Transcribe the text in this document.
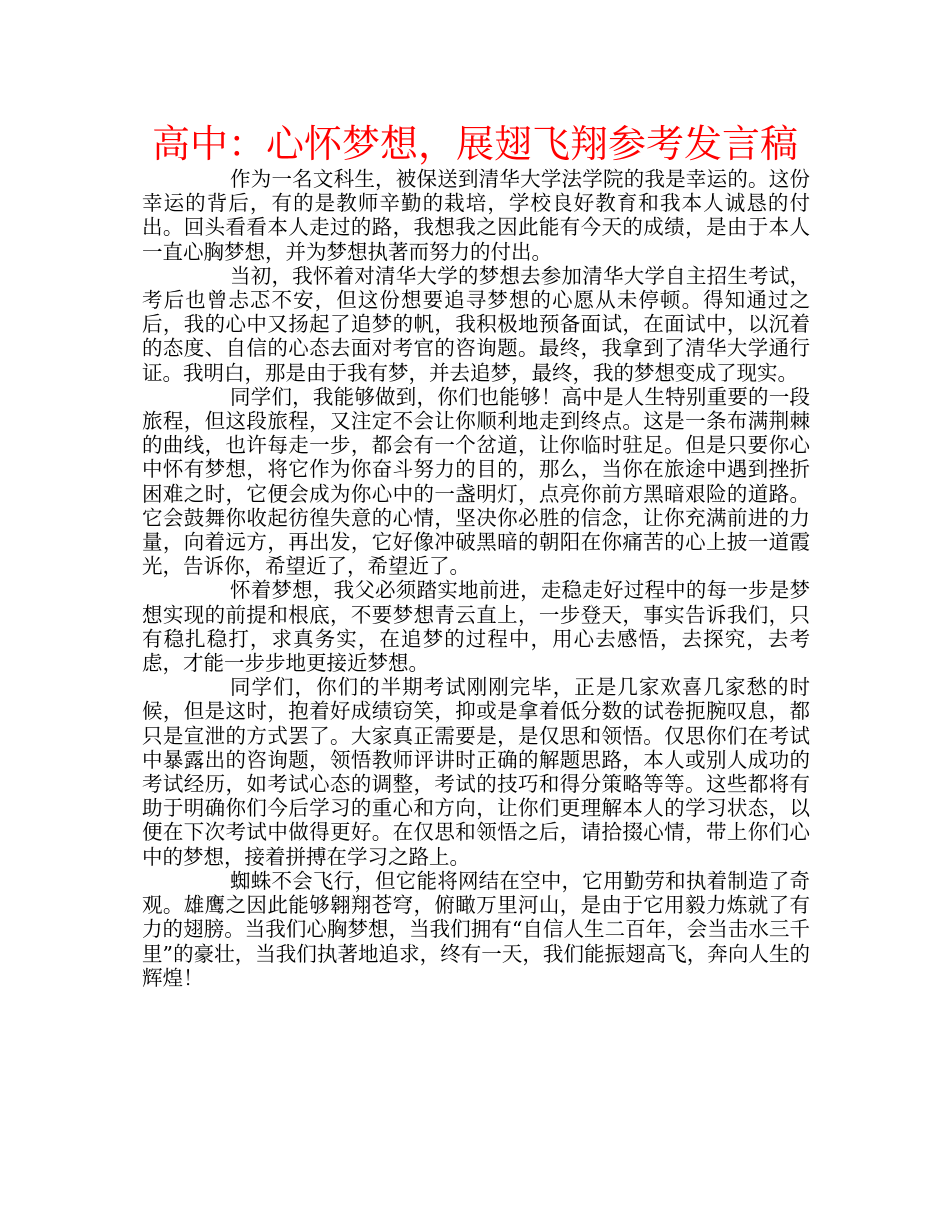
高中：心怀梦想，展翅飞翔参考发言稿

作为一名文科生，被保送到清华大学法学院的我是幸运的。这份幸运的背后，有的是教师辛勤的栽培，学校良好教育和我本人诚恳的付出。回头看看本人走过的路，我想我之因此能有今天的成绩，是由于本人一直心胸梦想，并为梦想执著而努力的付出。

当初，我怀着对清华大学的梦想去参加清华大学自主招生考试，考后也曾忐忑不安，但这份想要追寻梦想的心愿从未停顿。得知通过之后，我的心中又扬起了追梦的帆，我积极地预备面试，在面试中，以沉着的态度、自信的心态去面对考官的咨询题。最终，我拿到了清华大学通行证。我明白，那是由于我有梦，并去追梦，最终，我的梦想变成了现实。

同学们，我能够做到，你们也能够！高中是人生特别重要的一段旅程，但这段旅程，又注定不会让你顺利地走到终点。这是一条布满荆棘的曲线，也许每走一步，都会有一个岔道，让你临时驻足。但是只要你心中怀有梦想，将它作为你奋斗努力的目的，那么，当你在旅途中遇到挫折困难之时，它便会成为你心中的一盏明灯，点亮你前方黑暗艰险的道路。它会鼓舞你收起彷徨失意的心情，坚决你必胜的信念，让你充满前进的力量，向着远方，再出发，它好像冲破黑暗的朝阳在你痛苦的心上披一道霞光，告诉你，希望近了，希望近了。

怀着梦想，我父必须踏实地前进，走稳走好过程中的每一步是梦想实现的前提和根底，不要梦想青云直上，一步登天，事实告诉我们，只有稳扎稳打，求真务实，在追梦的过程中，用心去感悟，去探究，去考虑，才能一步步地更接近梦想。

同学们，你们的半期考试刚刚完毕，正是几家欢喜几家愁的时候，但是这时，抱着好成绩窃笑，抑或是拿着低分数的试卷扼腕叹息，都只是宣泄的方式罢了。大家真正需要是，是仅思和领悟。仅思你们在考试中暴露出的咨询题，领悟教师评讲时正确的解题思路，本人或别人成功的考试经历，如考试心态的调整，考试的技巧和得分策略等等。这些都将有助于明确你们今后学习的重心和方向，让你们更理解本人的学习状态，以便在下次考试中做得更好。在仅思和领悟之后，请拾掇心情，带上你们心中的梦想，接着拼搏在学习之路上。

蜘蛛不会飞行，但它能将网结在空中，它用勤劳和执着制造了奇观。雄鹰之因此能够翱翔苍穹，俯瞰万里河山，是由于它用毅力炼就了有力的翅膀。当我们心胸梦想，当我们拥有“自信人生二百年，会当击水三千里”的豪壮，当我们执著地追求，终有一天，我们能振翅高飞，奔向人生的辉煌！
